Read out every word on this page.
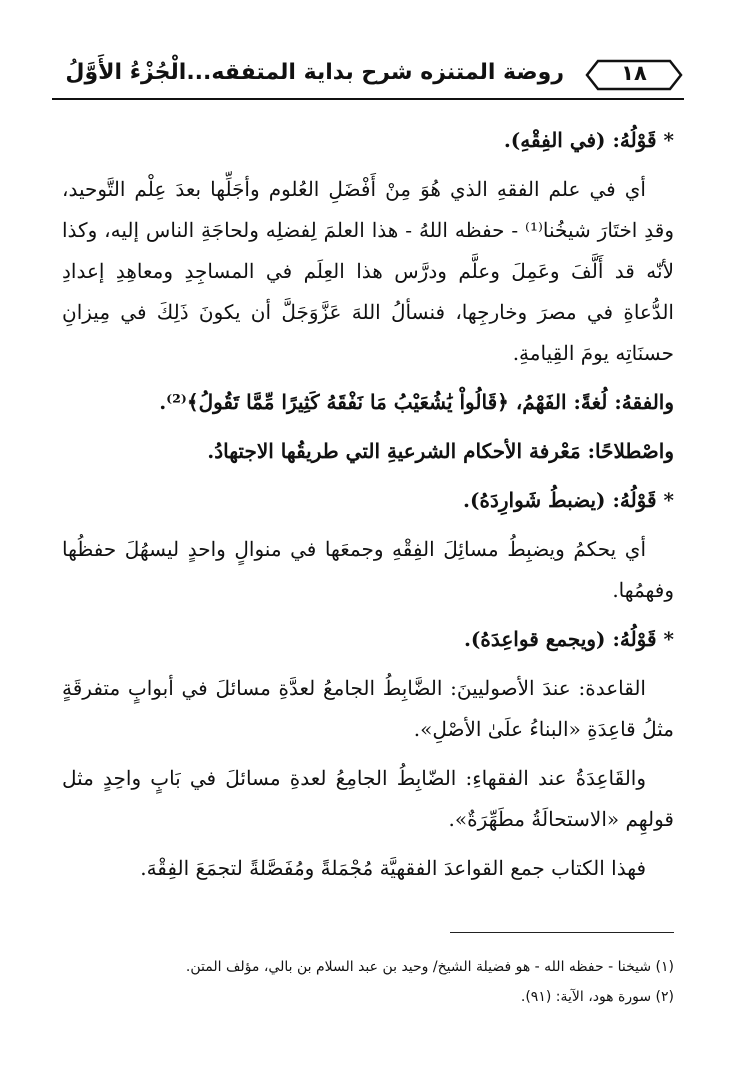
روضة المتنزه شرح بداية المتفقه...الْجُزْءُ الأَوَّلُ	١٨

* قَوْلُهُ: (في الفِقْهِ).

أي في علم الفقهِ الذي هُوَ مِنْ أَفْضَلِ العُلوم وأجَلِّها بعدَ عِلْم التَّوحيد، وقدِ اختَارَ شيخُنا⁽¹⁾ - حفظه اللهُ - هذا العلمَ لِفضلِه ولحاجَةِ الناس إليه، وكذا لأنّه قد أَلَّفَ وعَمِلَ وعلَّم ودرَّس هذا العِلَم في المساجِدِ ومعاهِدِ إعدادِ الدُّعاةِ في مصرَ وخارجِها، فنسألُ اللهَ عَزَّوَجَلَّ أن يكونَ ذَلِكَ في مِيزانِ حسنَاتِه يومَ القِيامةِ.

والفقهُ: لُغةً: الفَهْمُ، ﴿قَالُواْ يَٰشُعَيْبُ مَا نَفْقَهُ كَثِيرًا مِّمَّا تَقُولُ﴾⁽²⁾.

واصْطلاحًا: مَعْرفة الأحكام الشرعيةِ التي طريقُها الاجتهادُ.

* قَوْلُهُ: (يضبطُ شَوارِدَهُ).

أي يحكمُ ويضبِطُ مسائِلَ الفِقْهِ وجمعَها في منوالٍ واحدٍ ليسهُلَ حفظُها وفهمُها.

* قَوْلُهُ: (ويجمع قواعِدَهُ).

القاعدة: عندَ الأصوليينَ: الضَّابِطُ الجامعُ لعدَّةِ مسائلَ في أبوابٍ متفرقَةٍ مثلُ قاعِدَةِ «البناءُ علَىٰ الأصْلِ».

والقَاعِدَةُ عند الفقهاءِ: الضّابِطُ الجامِعُ لعدةِ مسائلَ في بَابٍ واحِدٍ مثل قولهِم «الاستحالَةُ مطَهِّرَةٌ».

فهذا الكتاب جمع القواعدَ الفقهيَّة مُجْمَلةً ومُفَصَّلةً لتجمَعَ الفِقْهَ.

(١) شيخنا - حفظه الله - هو فضيلة الشيخ/ وحيد بن عبد السلام بن بالي، مؤلف المتن.

(٢) سورة هود، الآية: (٩١).
